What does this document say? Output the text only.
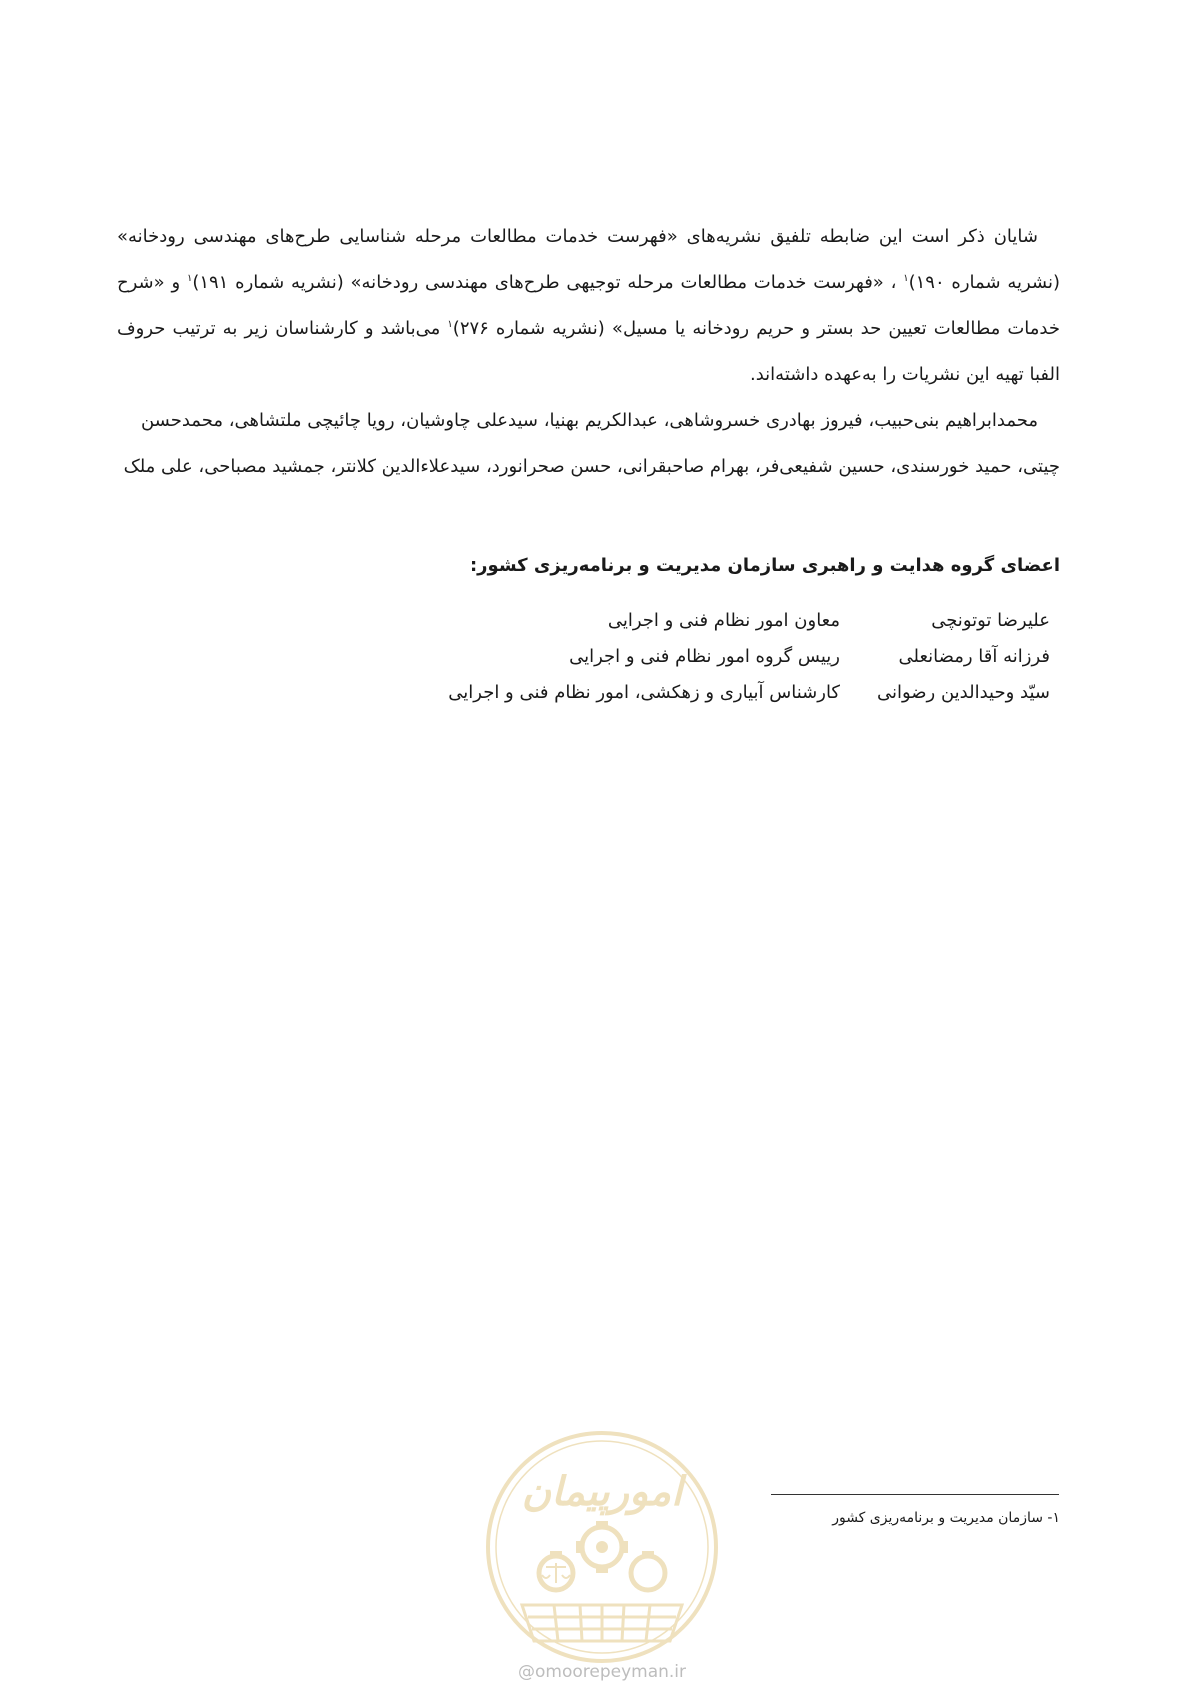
شایان ذکر است این ضابطه تلفیق نشریه‌های «فهرست خدمات مطالعات مرحله شناسایی طرح‌های مهندسی رودخانه» (نشریه شماره ۱۹۰)$^۱$ ، «فهرست خدمات مطالعات مرحله توجیهی طرح‌های مهندسی رودخانه» (نشریه شماره ۱۹۱)$^۱$ و «شرح خدمات مطالعات تعیین حد بستر و حریم رودخانه یا مسیل» (نشریه شماره ۲۷۶)$^۱$ می‌باشد و کارشناسان زیر به ترتیب حروف الفبا تهیه این نشریات را به‌عهده داشته‌اند.

محمدابراهیم بنی‌حبیب، فیروز بهادری خسروشاهی، عبدالکریم بهنیا، سیدعلی چاوشیان، رویا چائیچی ملتشاهی، محمدحسن چیتی، حمید خورسندی، حسین شفیعی‌فر، بهرام صاحبقرانی، حسن صحرانورد، سیدعلاءالدین کلانتر، جمشید مصباحی، علی ملک

اعضای گروه هدایت و راهبری سازمان مدیریت و برنامه‌ریزی کشور:

علیرضا توتونچی	معاون امور نظام فنی و اجرایی
فرزانه آقا رمضانعلی	رییس گروه امور نظام فنی و اجرایی
سیّد وحیدالدین رضوانی	کارشناس آبیاری و زهکشی، امور نظام فنی و اجرایی

۱- سازمان مدیریت و برنامه‌ریزی کشور

امورپیمان
@omoorepeyman.ir
